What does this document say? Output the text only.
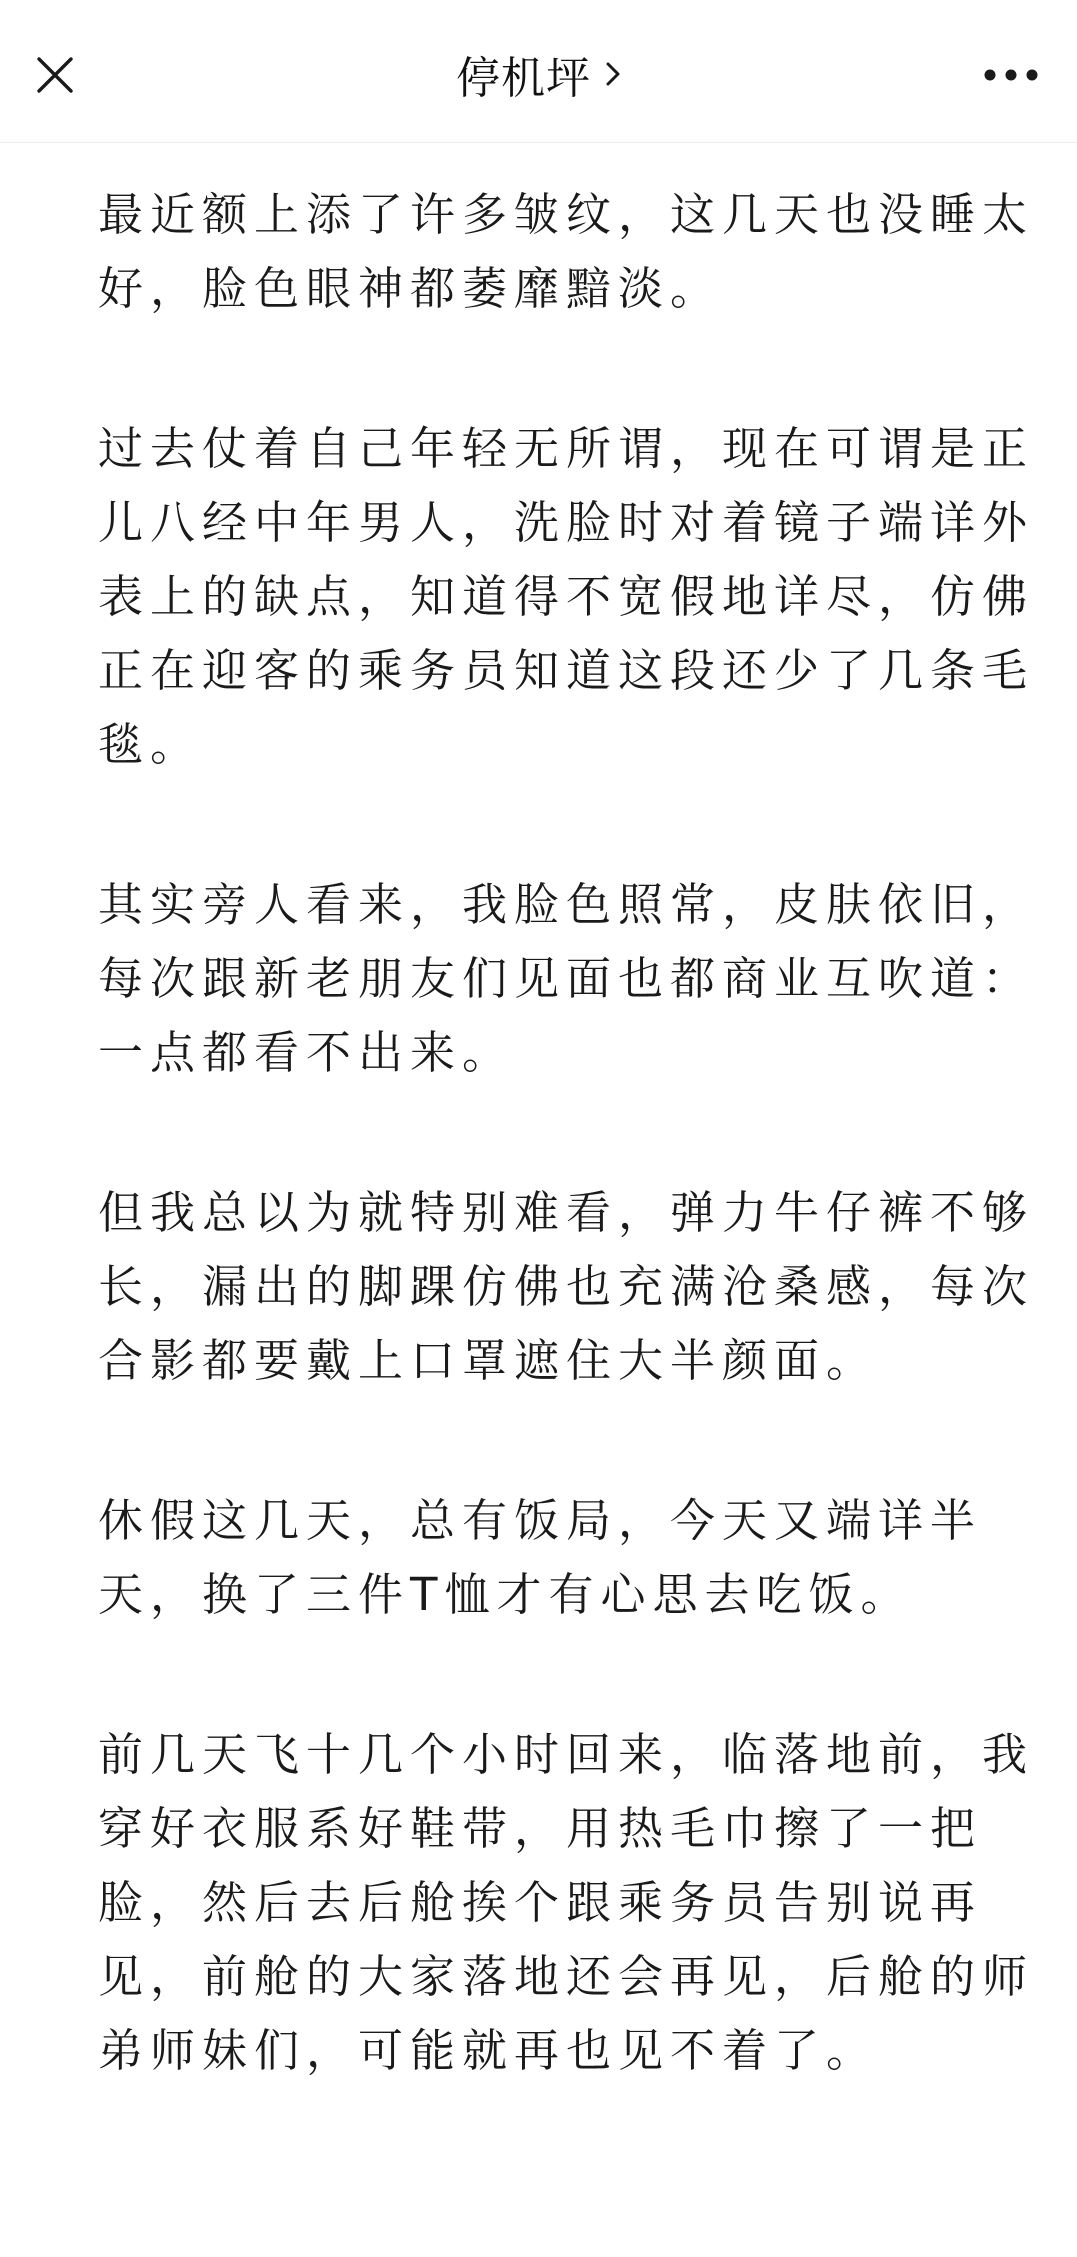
停机坪

最近额上添了许多皱纹，这几天也没睡太
好，脸色眼神都萎靡黯淡。

过去仗着自己年轻无所谓，现在可谓是正
儿八经中年男人，洗脸时对着镜子端详外
表上的缺点，知道得不宽假地详尽，仿佛
正在迎客的乘务员知道这段还少了几条毛
毯。

其实旁人看来，我脸色照常，皮肤依旧，
每次跟新老朋友们见面也都商业互吹道：
一点都看不出来。

但我总以为就特别难看，弹力牛仔裤不够
长，漏出的脚踝仿佛也充满沧桑感，每次
合影都要戴上口罩遮住大半颜面。

休假这几天，总有饭局，今天又端详半
天，换了三件T恤才有心思去吃饭。

前几天飞十几个小时回来，临落地前，我
穿好衣服系好鞋带，用热毛巾擦了一把
脸，然后去后舱挨个跟乘务员告别说再
见，前舱的大家落地还会再见，后舱的师
弟师妹们，可能就再也见不着了。
